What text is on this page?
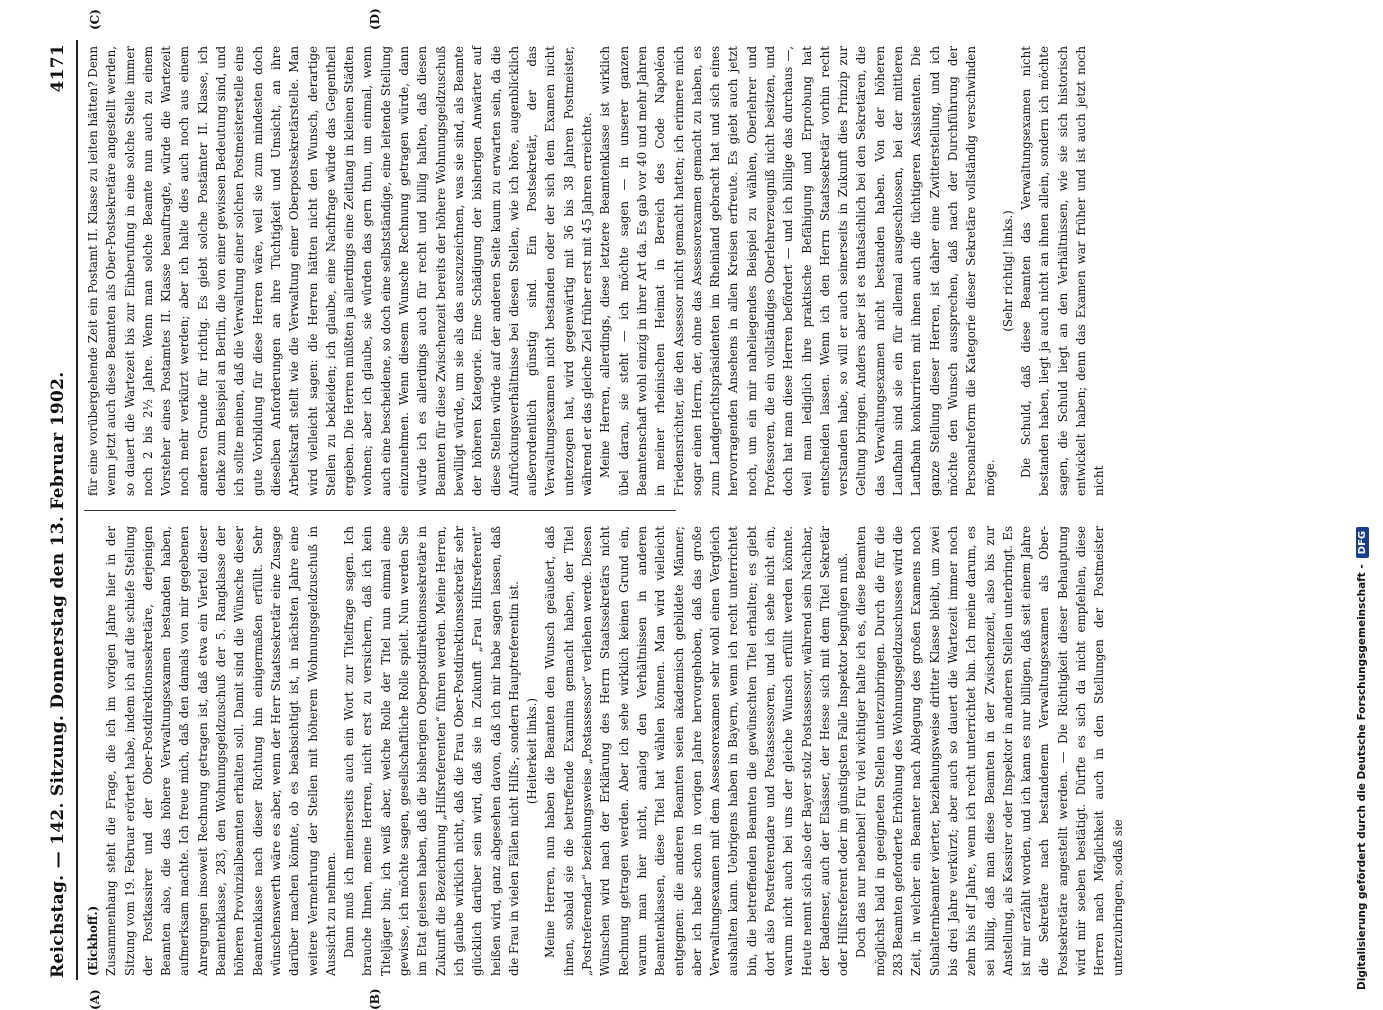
Reichstag. — 142. Sitzung. Donnerstag den 13. Februar 1902.
4171
(A)	(B)
(C)	(D)

(Eickhoff.) Zusammenhang steht die Frage, die ich im vorigen Jahre hier in der Sitzung vom 19. Februar erörtert habe, indem ich auf die schiefe Stellung der Postkassirer und der Ober-Postdirektionssekretäre, derjenigen Beamten also, die das höhere Verwaltungsexamen bestanden haben, aufmerksam machte. Ich freue mich, daß den damals von mir gegebenen Anregungen insoweit Rechnung getragen ist, daß etwa ein Viertel dieser Beamtenklasse, 283, den Wohnungsgeldzuschuß der 5. Rangklasse der höheren Provinzialbeamten erhalten soll. Damit sind die Wünsche dieser Beamtenklasse nach dieser Richtung hin einigermaßen erfüllt. Sehr wünschenswerth wäre es aber, wenn der Herr Staatssekretär eine Zusage darüber machen könnte, ob es beabsichtigt ist, in nächsten Jahre eine weitere Vermehrung der Stellen mit höherem Wohnungsgeldzuschuß in Aussicht zu nehmen. Dann muß ich meinerseits auch ein Wort zur Titelfrage sagen. Ich brauche Ihnen, meine Herren, nicht erst zu versichern, daß ich kein Titeljäger bin; ich weiß aber, welche Rolle der Titel nun einmal eine gewisse, ich möchte sagen, gesellschaftliche Rolle spielt. Nun werden Sie im Etat gelesen haben, daß die bisherigen Oberpostdirektionssekretäre in Zukunft die Bezeichnung „Hilfsreferenten“ führen werden. Meine Herren, ich glaube wirklich nicht, daß die Frau Ober-Postdirektionssekretär sehr glücklich darüber sein wird, daß sie in Zukunft „Frau Hilfsreferent“ heißen wird, ganz abgesehen davon, daß ich mir habe sagen lassen, daß die Frau in vielen Fällen nicht Hilfs-, sondern Hauptreferentin ist. (Heiterkeit links.) Meine Herren, nun haben die Beamten den Wunsch geäußert, daß ihnen, sobald sie die betreffende Examina gemacht haben, der Titel „Postreferendar“ beziehungsweise „Postassessor“ verliehen werde. Diesen Wünschen wird nach der Erklärung des Herrn Staatssekretärs nicht Rechnung getragen werden. Aber ich sehe wirklich keinen Grund ein, warum man hier nicht, analog den Verhältnissen in anderen Beamtenklassen, diese Titel hat wählen können. Man wird vielleicht entgegnen: die anderen Beamten seien akademisch gebildete Männer; aber ich habe schon in vorigen Jahre hervorgehoben, daß das große Verwaltungsexamen mit dem Assessorexamen sehr wohl einen Vergleich aushalten kann. Uebrigens haben in Bayern, wenn ich recht unterrichtet bin, die betreffenden Beamten die gewünschten Titel erhalten; es giebt dort also Postreferendare und Postassessoren, und ich sehe nicht ein, warum nicht auch bei uns der gleiche Wunsch erfüllt werden könnte. Heute nennt sich also der Bayer stolz Postassessor, während sein Nachbar, der Badenser, auch der Elsässer, der Hesse sich mit dem Titel Sekretär oder Hilfsreferent oder im günstigsten Falle Inspektor begnügen muß. Doch das nur nebenbei! Für viel wichtiger halte ich es, diese Beamten möglichst bald in geeigneten Stellen unterzubringen. Durch die für die 283 Beamten geforderte Erhöhung des Wohnungsgeldzuschusses wird die Zeit, in welcher ein Beamter nach Ablegung des großen Examens noch Subalternbeamter vierter, beziehungsweise dritter Klasse bleibt, um zwei bis drei Jahre verkürzt; aber auch so dauert die Wartezeit immer noch zehn bis elf Jahre, wenn ich recht unterrichtet bin. Ich meine darum, es sei billig, daß man diese Beamten in der Zwischenzeit, also bis zur Anstellung, als Kassirer oder Inspektor in anderen Stellen unterbringt. Es ist mir erzählt worden, und ich kann es nur billigen, daß seit einem Jahre die Sekretäre nach bestandenem Verwaltungsexamen als Ober-Postsekretäre angestellt werden. — Die Richtigkeit dieser Behauptung wird mir soeben bestätigt. Dürfte es sich da nicht empfehlen, diese Herren nach Möglichkeit auch in den Stellungen der Postmeister unterzubringen, sodaß sie

für eine vorübergehende Zeit ein Postamt II. Klasse zu leiten hätten? Denn wenn jetzt auch diese Beamten als Ober-Postsekretäre angestellt werden, so dauert die Wartezeit bis zur Einberufung in eine solche Stelle immer noch 2 bis 2½ Jahre. Wenn man solche Beamte nun auch zu einem Vorsteher eines Postamtes II. Klasse beauftragte, würde die Wartezeit noch mehr verkürzt werden; aber ich halte dies auch noch aus einem anderen Grunde für richtig. Es giebt solche Postämter II. Klasse, ich denke zum Beispiel an Berlin, die von einer gewissen Bedeutung sind, und ich sollte meinen, daß die Verwaltung einer solchen Postmeisterstelle eine gute Vorbildung für diese Herren wäre, weil sie zum mindesten doch dieselben Anforderungen an ihre Tüchtigkeit und Umsicht, an ihre Arbeitskraft stellt wie die Verwaltung einer Oberpostsekretärstelle. Man wird vielleicht sagen: die Herren hätten nicht den Wunsch, derartige Stellen zu bekleiden; ich glaube, eine Nachfrage würde das Gegentheil ergeben. Die Herren müßten ja allerdings eine Zeitlang in kleinen Städten wohnen; aber ich glaube, sie würden das gern thun, um einmal, wenn auch eine bescheidene, so doch eine selbstständige, eine leitende Stellung einzunehmen. Wenn diesem Wunsche Rechnung getragen würde, dann würde ich es allerdings auch für recht und billig halten, daß diesen Beamten für diese Zwischenzeit bereits der höhere Wohnungsgeldzuschuß bewilligt würde, um sie als das auszuzeichnen, was sie sind, als Beamte der höheren Kategorie. Eine Schädigung der bisherigen Anwärter auf diese Stellen würde auf der anderen Seite kaum zu erwarten sein, da die Aufrückungsverhältnisse bei diesen Stellen, wie ich höre, augenblicklich außerordentlich günstig sind. Ein Postsekretär, der das Verwaltungsexamen nicht bestanden oder der sich dem Examen nicht unterzogen hat, wird gegenwärtig mit 36 bis 38 Jahren Postmeister, während er das gleiche Ziel früher erst mit 45 Jahren erreichte. Meine Herren, allerdings, diese letztere Beamtenklasse ist wirklich übel daran, sie steht — ich möchte sagen — in unserer ganzen Beamtenschaft wohl einzig in ihrer Art da. Es gab vor 40 und mehr Jahren in meiner rheinischen Heimat in Bereich des Code Napoléon Friedensrichter, die den Assessor nicht gemacht hatten; ich erinnere mich sogar einen Herrn, der, ohne das Assessorexamen gemacht zu haben, es zum Landgerichtspräsidenten im Rheinland gebracht hat und sich eines hervorragenden Ansehens in allen Kreisen erfreute. Es giebt auch jetzt noch, um ein mir naheliegendes Beispiel zu wählen, Oberlehrer und Professoren, die ein vollständiges Oberlehrerzeugniß nicht besitzen, und doch hat man diese Herren befördert — und ich billige das durchaus —, weil man lediglich ihre praktische Befähigung und Erprobung hat entscheiden lassen. Wenn ich den Herrn Staatssekretär vorhin recht verstanden habe, so will er auch seinerseits in Zukunft dies Prinzip zur Geltung bringen. Anders aber ist es thatsächlich bei den Sekretären, die das Verwaltungsexamen nicht bestanden haben. Von der höheren Laufbahn sind sie ein für allemal ausgeschlossen, bei der mittleren Laufbahn konkurriren mit ihnen auch die tüchtigeren Assistenten. Die ganze Stellung dieser Herren, ist daher eine Zwitterstellung, und ich möchte den Wunsch aussprechen, daß nach der Durchführung der Personalreform die Kategorie dieser Sekretäre vollständig verschwinden möge.

(Sehr richtig! links.) Die Schuld, daß diese Beamten das Verwaltungsexamen nicht bestanden haben, liegt ja auch nicht an ihnen allein, sondern ich möchte sagen, die Schuld liegt an den Verhältnissen, wie sie sich historisch entwickelt haben; denn das Examen war früher und ist auch jetzt noch nicht

Digitalisierung gefördert durch die Deutsche Forschungsgemeinschaft -DFG
